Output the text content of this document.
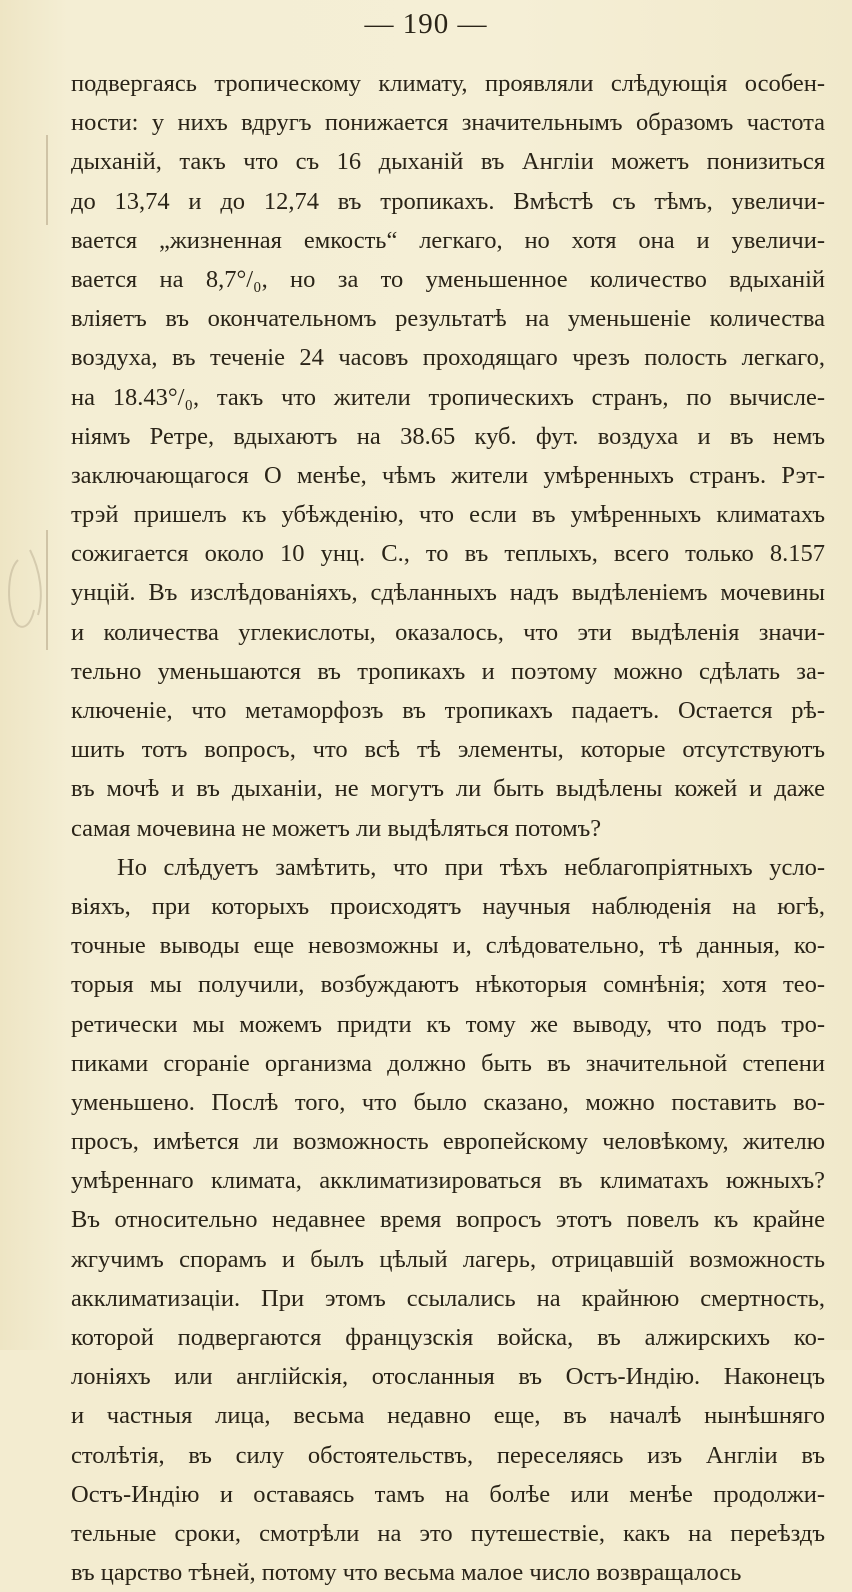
— 190 —
подвергаясь тропическому климату, проявляли слѣдующія особен-
ности: у нихъ вдругъ понижается значительнымъ образомъ частота
дыханій, такъ что съ 16 дыханій въ Англіи можетъ понизиться
до 13,74 и до 12,74 въ тропикахъ. Вмѣстѣ съ тѣмъ, увеличи-
вается „жизненная емкость“ легкаго, но хотя она и увеличи-
вается на 8,7°/₀, но за то уменьшенное количество вдыханій
вліяетъ въ окончательномъ результатѣ на уменьшеніе количества
воздуха, въ теченіе 24 часовъ проходящаго чрезъ полость легкаго,
на 18.43°/₀, такъ что жители тропическихъ странъ, по вычисле-
ніямъ Ретре, вдыхаютъ на 38.65 куб. фут. воздуха и въ немъ
заключающагося О менѣе, чѣмъ жители умѣренныхъ странъ. Рэт-
трэй пришелъ къ убѣжденію, что если въ умѣренныхъ климатахъ
сожигается около 10 унц. С., то въ теплыхъ, всего только 8.157
унцій. Въ изслѣдованіяхъ, сдѣланныхъ надъ выдѣленіемъ мочевины
и количества углекислоты, оказалось, что эти выдѣленія значи-
тельно уменьшаются въ тропикахъ и поэтому можно сдѣлать за-
ключеніе, что метаморфозъ въ тропикахъ падаетъ. Остается рѣ-
шить тотъ вопросъ, что всѣ тѣ элементы, которые отсутствуютъ
въ мочѣ и въ дыханіи, не могутъ ли быть выдѣлены кожей и даже
самая мочевина не можетъ ли выдѣляться потомъ?
Но слѣдуетъ замѣтить, что при тѣхъ неблагопріятныхъ усло-
віяхъ, при которыхъ происходятъ научныя наблюденія на югѣ,
точные выводы еще невозможны и, слѣдовательно, тѣ данныя, ко-
торыя мы получили, возбуждаютъ нѣкоторыя сомнѣнія; хотя тео-
ретически мы можемъ придти къ тому же выводу, что подъ тро-
пиками сгораніе организма должно быть въ значительной степени
уменьшено. Послѣ того, что было сказано, можно поставить во-
просъ, имѣется ли возможность европейскому человѣкому, жителю
умѣреннаго климата, акклиматизироваться въ климатахъ южныхъ?
Въ относительно недавнее время вопросъ этотъ повелъ къ крайне
жгучимъ спорамъ и былъ цѣлый лагерь, отрицавшій возможность
акклиматизаціи. При этомъ ссылались на крайнюю смертность,
которой подвергаются французскія войска, въ алжирскихъ ко-
лоніяхъ или англійскія, отосланныя въ Остъ-Индію. Наконецъ
и частныя лица, весьма недавно еще, въ началѣ нынѣшняго
столѣтія, въ силу обстоятельствъ, переселяясь изъ Англіи въ
Остъ-Индію и оставаясь тамъ на болѣе или менѣе продолжи-
тельные сроки, смотрѣли на это путешествіе, какъ на переѣздъ
въ царство тѣней, потому что весьма малое число возвращалось
